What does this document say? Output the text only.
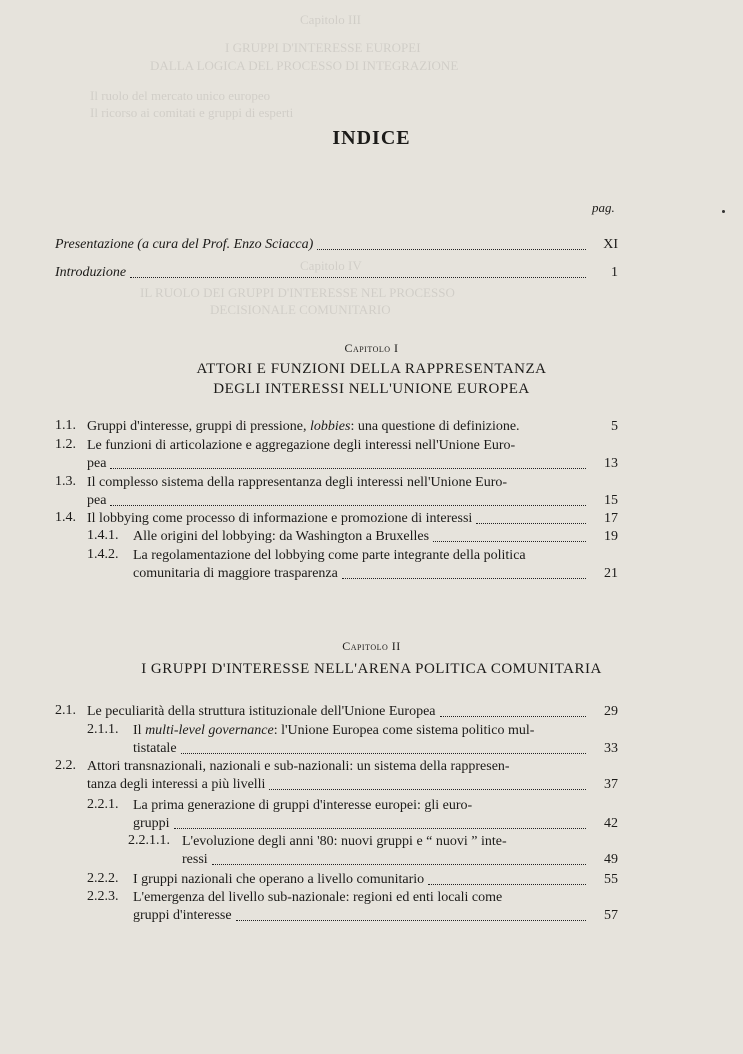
Capitolo III
I GRUPPI D'INTERESSE EUROPEI
DALLA LOGICA DEL PROCESSO DI INTEGRAZIONE
Il ruolo del mercato unico europeo
Il ricorso ai comitati e gruppi di esperti
Capitolo IV
IL RUOLO DEI GRUPPI D'INTERESSE NEL PROCESSO
DECISIONALE COMUNITARIO
INDICE
pag.
Presentazione (a cura del Prof. Enzo Sciacca)	XI
Introduzione	1
Capitolo I
ATTORI E FUNZIONI DELLA RAPPRESENTANZA
DEGLI INTERESSI NELL'UNIONE EUROPEA
1.1. Gruppi d'interesse, gruppi di pressione, lobbies: una questione di definizione.	5
1.2. Le funzioni di articolazione e aggregazione degli interessi nell'Unione Euro-
pea	13
1.3. Il complesso sistema della rappresentanza degli interessi nell'Unione Euro-
pea	15
1.4. Il lobbying come processo di informazione e promozione di interessi	17
1.4.1. Alle origini del lobbying: da Washington a Bruxelles	19
1.4.2. La regolamentazione del lobbying come parte integrante della politica
comunitaria di maggiore trasparenza	21
Capitolo II
I GRUPPI D'INTERESSE NELL'ARENA POLITICA COMUNITARIA
2.1. Le peculiarità della struttura istituzionale dell'Unione Europea	29
2.1.1. Il multi-level governance: l'Unione Europea come sistema politico mul-
tistatale	33
2.2. Attori transnazionali, nazionali e sub-nazionali: un sistema della rappresen-
tanza degli interessi a più livelli	37
2.2.1. La prima generazione di gruppi d'interesse europei: gli euro-
gruppi	42
2.2.1.1. L'evoluzione degli anni '80: nuovi gruppi e “ nuovi ” inte-
ressi	49
2.2.2. I gruppi nazionali che operano a livello comunitario	55
2.2.3. L'emergenza del livello sub-nazionale: regioni ed enti locali come
gruppi d'interesse	57
